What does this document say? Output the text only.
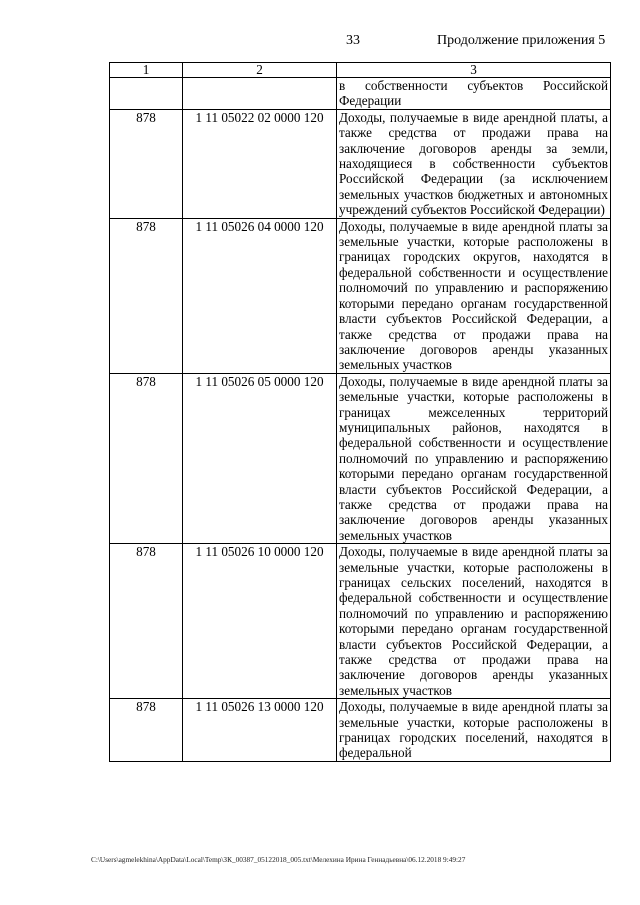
33	Продолжение приложения 5
1	2	3
		в собственности субъектов Российской Федерации
878	1 11 05022 02 0000 120	Доходы, получаемые в виде арендной платы, а также средства от продажи права на заключение договоров аренды за земли, находящиеся в собственности субъектов Российской Федерации (за исключением земельных участков бюджетных и автономных учреждений субъектов Российской Федерации)
878	1 11 05026 04 0000 120	Доходы, получаемые в виде арендной платы за земельные участки, которые расположены в границах городских округов, находятся в федеральной собственности и осуществление полномочий по управлению и распоряжению которыми передано органам государственной власти субъектов Российской Федерации, а также средства от продажи права на заключение договоров аренды указанных земельных участков
878	1 11 05026 05 0000 120	Доходы, получаемые в виде арендной платы за земельные участки, которые расположены в границах межселенных территорий муниципальных районов, находятся в федеральной собственности и осуществление полномочий по управлению и распоряжению которыми передано органам государственной власти субъектов Российской Федерации, а также средства от продажи права на заключение договоров аренды указанных земельных участков
878	1 11 05026 10 0000 120	Доходы, получаемые в виде арендной платы за земельные участки, которые расположены в границах сельских поселений, находятся в федеральной собственности и осуществление полномочий по управлению и распоряжению которыми передано органам государственной власти субъектов Российской Федерации, а также средства от продажи права на заключение договоров аренды указанных земельных участков
878	1 11 05026 13 0000 120	Доходы, получаемые в виде арендной платы за земельные участки, которые расположены в границах городских поселений, находятся в федеральной
C:\Users\agmelekhina\AppData\Local\Temp\ЗК_00387_05122018_005.txt\Мелехина Ирина Геннадьевна\06.12.2018 9:49:27
